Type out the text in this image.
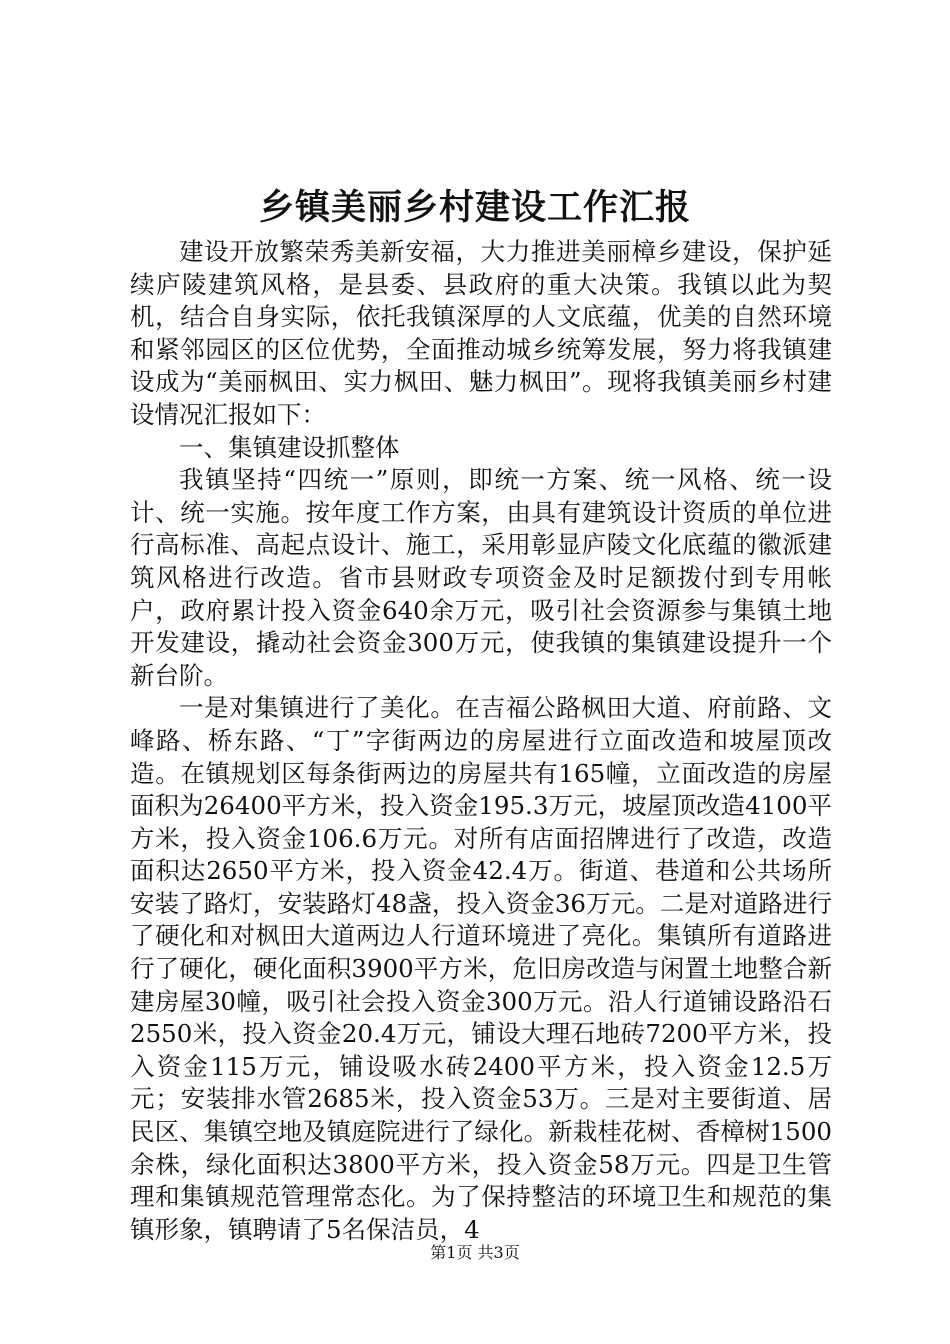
乡镇美丽乡村建设工作汇报

建设开放繁荣秀美新安福，大力推进美丽樟乡建设，保护延续庐陵建筑风格，是县委、县政府的重大决策。我镇以此为契机，结合自身实际，依托我镇深厚的人文底蕴，优美的自然环境和紧邻园区的区位优势，全面推动城乡统筹发展，努力将我镇建设成为“美丽枫田、实力枫田、魅力枫田”。现将我镇美丽乡村建设情况汇报如下：

一、集镇建设抓整体

我镇坚持“四统一”原则，即统一方案、统一风格、统一设计、统一实施。按年度工作方案，由具有建筑设计资质的单位进行高标准、高起点设计、施工，采用彰显庐陵文化底蕴的徽派建筑风格进行改造。省市县财政专项资金及时足额拨付到专用帐户，政府累计投入资金640余万元，吸引社会资源参与集镇土地开发建设，撬动社会资金300万元，使我镇的集镇建设提升一个新台阶。

一是对集镇进行了美化。在吉福公路枫田大道、府前路、文峰路、桥东路、“丁”字街两边的房屋进行立面改造和坡屋顶改造。在镇规划区每条街两边的房屋共有165幢，立面改造的房屋面积为26400平方米，投入资金195.3万元，坡屋顶改造4100平方米，投入资金106.6万元。对所有店面招牌进行了改造，改造面积达2650平方米，投入资金42.4万。街道、巷道和公共场所安装了路灯，安装路灯48盏，投入资金36万元。二是对道路进行了硬化和对枫田大道两边人行道环境进了亮化。集镇所有道路进行了硬化，硬化面积3900平方米，危旧房改造与闲置土地整合新建房屋30幢，吸引社会投入资金300万元。沿人行道铺设路沿石2550米，投入资金20.4万元，铺设大理石地砖7200平方米，投入资金115万元，铺设吸水砖2400平方米，投入资金12.5万元；安装排水管2685米，投入资金53万。三是对主要街道、居民区、集镇空地及镇庭院进行了绿化。新栽桂花树、香樟树1500余株，绿化面积达3800平方米，投入资金58万元。四是卫生管理和集镇规范管理常态化。为了保持整洁的环境卫生和规范的集镇形象，镇聘请了5名保洁员，4

第1页 共3页
